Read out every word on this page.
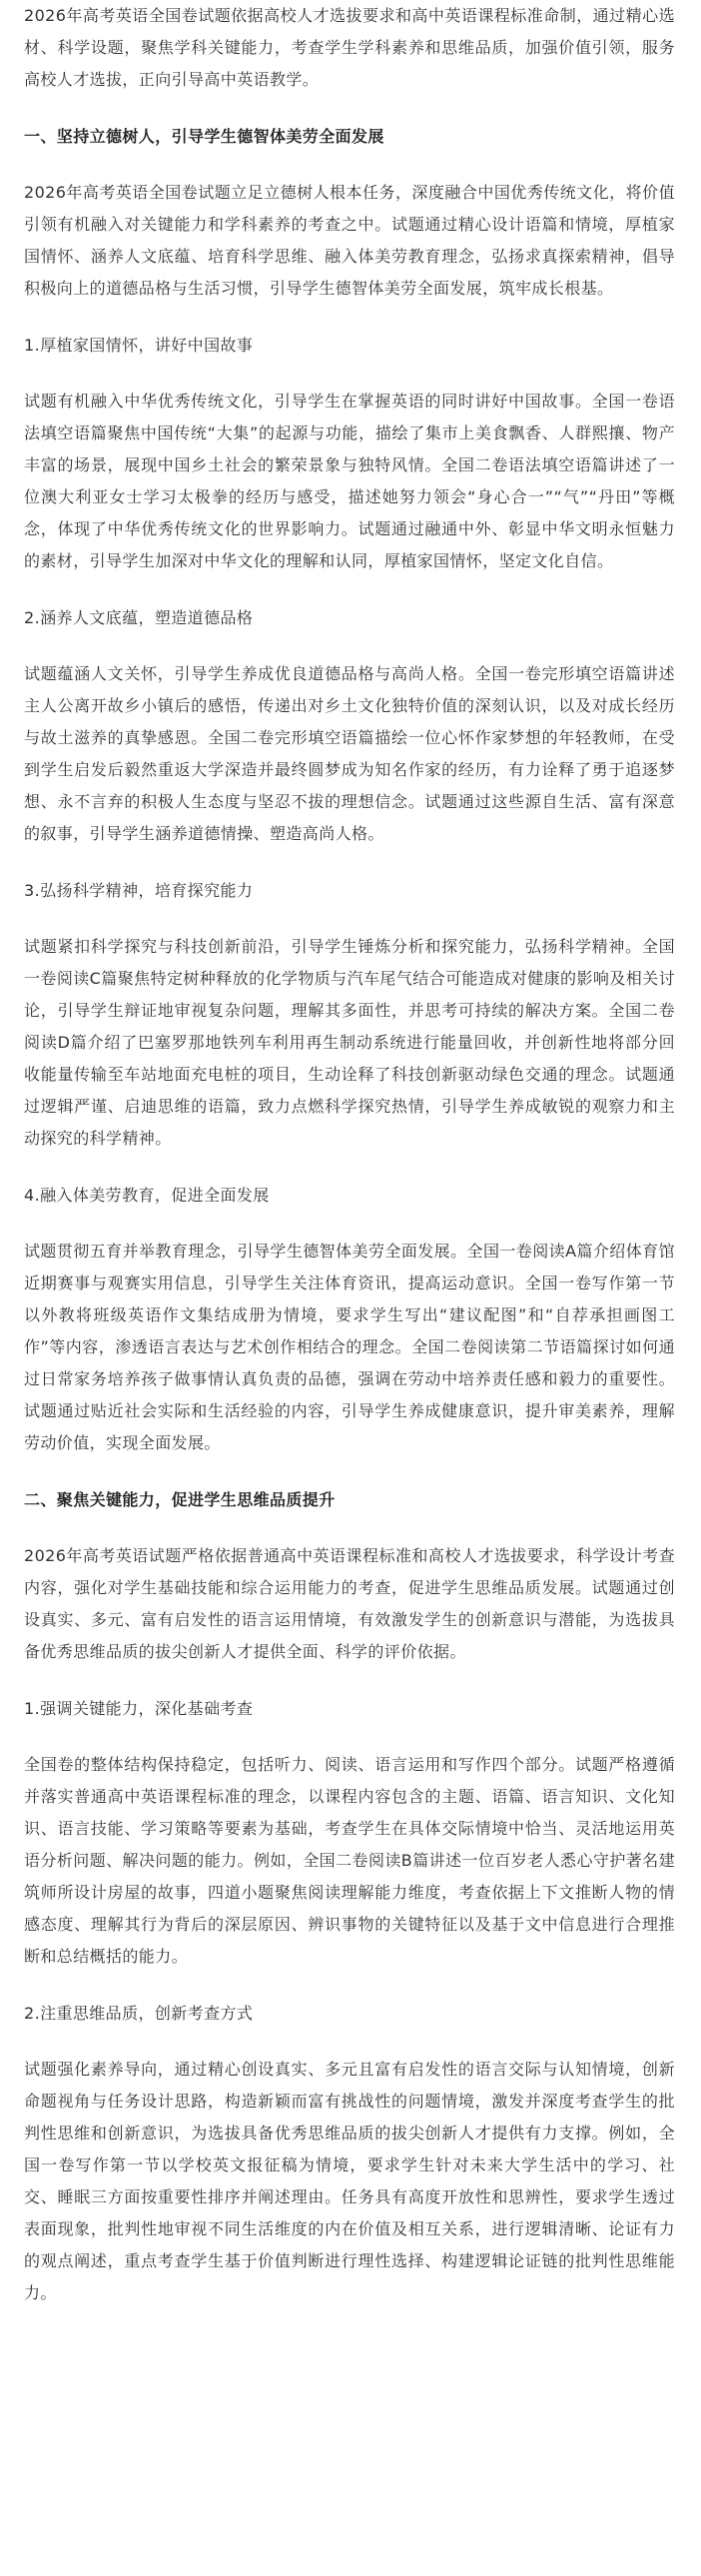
2026年高考英语全国卷试题依据高校人才选拔要求和高中英语课程标准命制，通过精心选材、科学设题，聚焦学科关键能力，考查学生学科素养和思维品质，加强价值引领，服务高校人才选拔，正向引导高中英语教学。

一、坚持立德树人，引导学生德智体美劳全面发展

2026年高考英语全国卷试题立足立德树人根本任务，深度融合中国优秀传统文化，将价值引领有机融入对关键能力和学科素养的考查之中。试题通过精心设计语篇和情境，厚植家国情怀、涵养人文底蕴、培育科学思维、融入体美劳教育理念，弘扬求真探索精神，倡导积极向上的道德品格与生活习惯，引导学生德智体美劳全面发展，筑牢成长根基。

1.厚植家国情怀，讲好中国故事

试题有机融入中华优秀传统文化，引导学生在掌握英语的同时讲好中国故事。全国一卷语法填空语篇聚焦中国传统“大集”的起源与功能，描绘了集市上美食飘香、人群熙攘、物产丰富的场景，展现中国乡土社会的繁荣景象与独特风情。全国二卷语法填空语篇讲述了一位澳大利亚女士学习太极拳的经历与感受，描述她努力领会“身心合一”“气”“丹田”等概念，体现了中华优秀传统文化的世界影响力。试题通过融通中外、彰显中华文明永恒魅力的素材，引导学生加深对中华文化的理解和认同，厚植家国情怀，坚定文化自信。

2.涵养人文底蕴，塑造道德品格

试题蕴涵人文关怀，引导学生养成优良道德品格与高尚人格。全国一卷完形填空语篇讲述主人公离开故乡小镇后的感悟，传递出对乡土文化独特价值的深刻认识，以及对成长经历与故土滋养的真挚感恩。全国二卷完形填空语篇描绘一位心怀作家梦想的年轻教师，在受到学生启发后毅然重返大学深造并最终圆梦成为知名作家的经历，有力诠释了勇于追逐梦想、永不言弃的积极人生态度与坚忍不拔的理想信念。试题通过这些源自生活、富有深意的叙事，引导学生涵养道德情操、塑造高尚人格。

3.弘扬科学精神，培育探究能力

试题紧扣科学探究与科技创新前沿，引导学生锤炼分析和探究能力，弘扬科学精神。全国一卷阅读C篇聚焦特定树种释放的化学物质与汽车尾气结合可能造成对健康的影响及相关讨论，引导学生辩证地审视复杂问题，理解其多面性，并思考可持续的解决方案。全国二卷阅读D篇介绍了巴塞罗那地铁列车利用再生制动系统进行能量回收，并创新性地将部分回收能量传输至车站地面充电桩的项目，生动诠释了科技创新驱动绿色交通的理念。试题通过逻辑严谨、启迪思维的语篇，致力点燃科学探究热情，引导学生养成敏锐的观察力和主动探究的科学精神。

4.融入体美劳教育，促进全面发展

试题贯彻五育并举教育理念，引导学生德智体美劳全面发展。全国一卷阅读A篇介绍体育馆近期赛事与观赛实用信息，引导学生关注体育资讯，提高运动意识。全国一卷写作第一节以外教将班级英语作文集结成册为情境，要求学生写出“建议配图”和“自荐承担画图工作”等内容，渗透语言表达与艺术创作相结合的理念。全国二卷阅读第二节语篇探讨如何通过日常家务培养孩子做事情认真负责的品德，强调在劳动中培养责任感和毅力的重要性。试题通过贴近社会实际和生活经验的内容，引导学生养成健康意识，提升审美素养，理解劳动价值，实现全面发展。

二、聚焦关键能力，促进学生思维品质提升

2026年高考英语试题严格依据普通高中英语课程标准和高校人才选拔要求，科学设计考查内容，强化对学生基础技能和综合运用能力的考查，促进学生思维品质发展。试题通过创设真实、多元、富有启发性的语言运用情境，有效激发学生的创新意识与潜能，为选拔具备优秀思维品质的拔尖创新人才提供全面、科学的评价依据。

1.强调关键能力，深化基础考查

全国卷的整体结构保持稳定，包括听力、阅读、语言运用和写作四个部分。试题严格遵循并落实普通高中英语课程标准的理念，以课程内容包含的主题、语篇、语言知识、文化知识、语言技能、学习策略等要素为基础，考查学生在具体交际情境中恰当、灵活地运用英语分析问题、解决问题的能力。例如，全国二卷阅读B篇讲述一位百岁老人悉心守护著名建筑师所设计房屋的故事，四道小题聚焦阅读理解能力维度，考查依据上下文推断人物的情感态度、理解其行为背后的深层原因、辨识事物的关键特征以及基于文中信息进行合理推断和总结概括的能力。

2.注重思维品质，创新考查方式

试题强化素养导向，通过精心创设真实、多元且富有启发性的语言交际与认知情境，创新命题视角与任务设计思路，构造新颖而富有挑战性的问题情境，激发并深度考查学生的批判性思维和创新意识，为选拔具备优秀思维品质的拔尖创新人才提供有力支撑。例如，全国一卷写作第一节以学校英文报征稿为情境，要求学生针对未来大学生活中的学习、社交、睡眠三方面按重要性排序并阐述理由。任务具有高度开放性和思辨性，要求学生透过表面现象，批判性地审视不同生活维度的内在价值及相互关系，进行逻辑清晰、论证有力的观点阐述，重点考查学生基于价值判断进行理性选择、构建逻辑论证链的批判性思维能力。
